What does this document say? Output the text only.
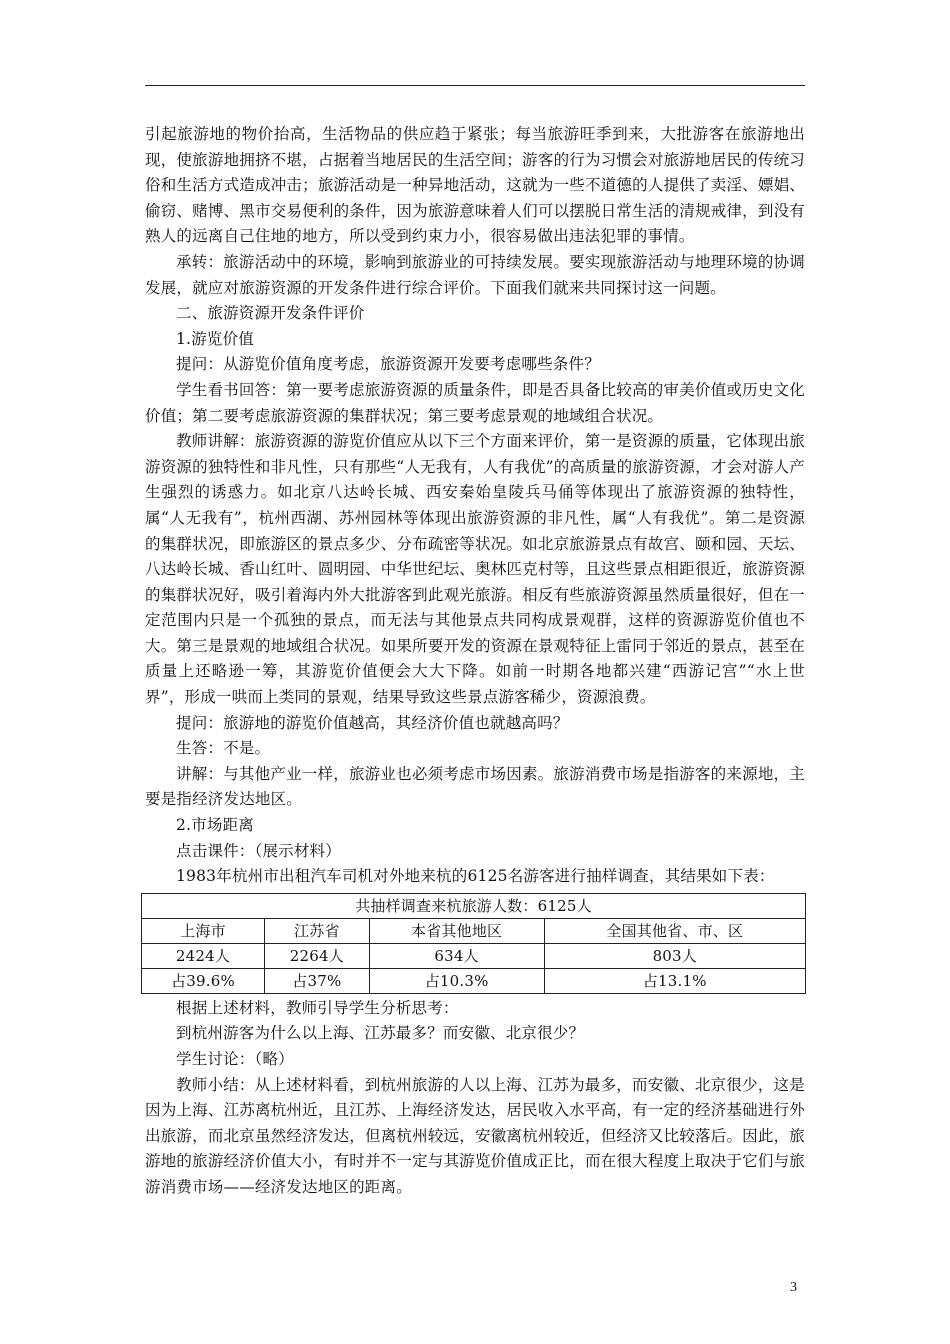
引起旅游地的物价抬高，生活物品的供应趋于紧张；每当旅游旺季到来，大批游客在旅游地出现，使旅游地拥挤不堪，占据着当地居民的生活空间；游客的行为习惯会对旅游地居民的传统习俗和生活方式造成冲击；旅游活动是一种异地活动，这就为一些不道德的人提供了卖淫、嫖娼、偷窃、赌博、黑市交易便利的条件，因为旅游意味着人们可以摆脱日常生活的清规戒律，到没有熟人的远离自己住地的地方，所以受到约束力小，很容易做出违法犯罪的事情。

承转：旅游活动中的环境，影响到旅游业的可持续发展。要实现旅游活动与地理环境的协调发展，就应对旅游资源的开发条件进行综合评价。下面我们就来共同探讨这一问题。

二、旅游资源开发条件评价

1.游览价值

提问：从游览价值角度考虑，旅游资源开发要考虑哪些条件？

学生看书回答：第一要考虑旅游资源的质量条件，即是否具备比较高的审美价值或历史文化价值；第二要考虑旅游资源的集群状况；第三要考虑景观的地域组合状况。

教师讲解：旅游资源的游览价值应从以下三个方面来评价，第一是资源的质量，它体现出旅游资源的独特性和非凡性，只有那些“人无我有，人有我优”的高质量的旅游资源，才会对游人产生强烈的诱惑力。如北京八达岭长城、西安秦始皇陵兵马俑等体现出了旅游资源的独特性，属“人无我有”，杭州西湖、苏州园林等体现出旅游资源的非凡性，属“人有我优”。第二是资源的集群状况，即旅游区的景点多少、分布疏密等状况。如北京旅游景点有故宫、颐和园、天坛、八达岭长城、香山红叶、圆明园、中华世纪坛、奥林匹克村等，且这些景点相距很近，旅游资源的集群状况好，吸引着海内外大批游客到此观光旅游。相反有些旅游资源虽然质量很好，但在一定范围内只是一个孤独的景点，而无法与其他景点共同构成景观群，这样的资源游览价值也不大。第三是景观的地域组合状况。如果所要开发的资源在景观特征上雷同于邻近的景点，甚至在质量上还略逊一筹，其游览价值便会大大下降。如前一时期各地都兴建“西游记宫”“水上世界”，形成一哄而上类同的景观，结果导致这些景点游客稀少，资源浪费。

提问：旅游地的游览价值越高，其经济价值也就越高吗？

生答：不是。

讲解：与其他产业一样，旅游业也必须考虑市场因素。旅游消费市场是指游客的来源地，主要是指经济发达地区。

2.市场距离

点击课件：（展示材料）

1983年杭州市出租汽车司机对外地来杭的6125名游客进行抽样调查，其结果如下表：

共抽样调查来杭旅游人数：6125人			
上海市	江苏省	本省其他地区	全国其他省、市、区
2424人	2264人	634人	803人
占39.6%	占37%	占10.3%	占13.1%

根据上述材料，教师引导学生分析思考：

到杭州游客为什么以上海、江苏最多？而安徽、北京很少？

学生讨论：（略）

教师小结：从上述材料看，到杭州旅游的人以上海、江苏为最多，而安徽、北京很少，这是因为上海、江苏离杭州近，且江苏、上海经济发达，居民收入水平高，有一定的经济基础进行外出旅游，而北京虽然经济发达，但离杭州较远，安徽离杭州较近，但经济又比较落后。因此，旅游地的旅游经济价值大小，有时并不一定与其游览价值成正比，而在很大程度上取决于它们与旅游消费市场——经济发达地区的距离。

3
